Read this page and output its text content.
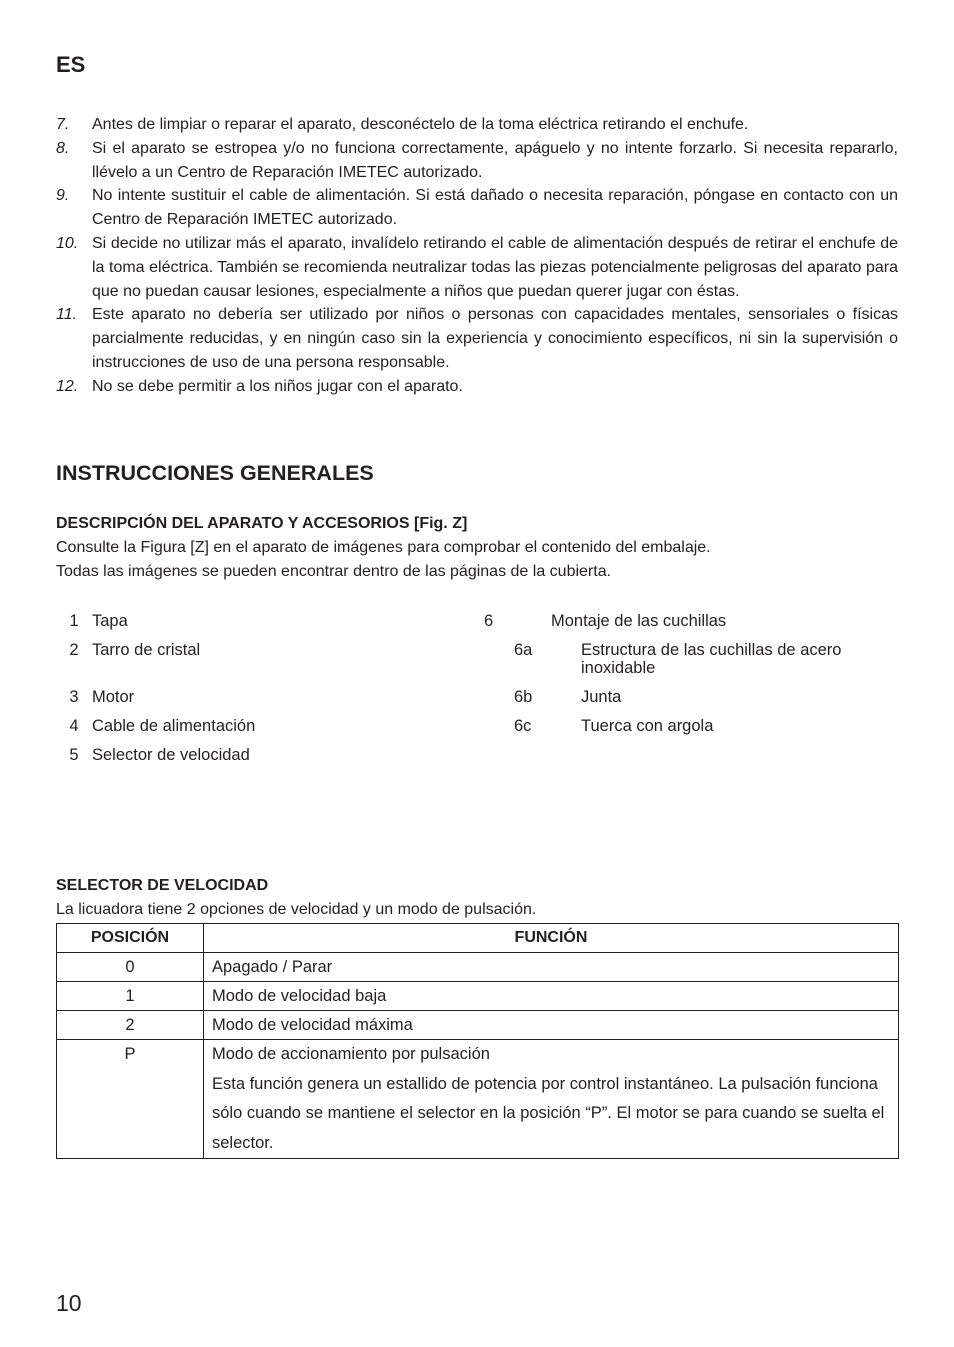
ES
7.	Antes de limpiar o reparar el aparato, desconéctelo de la toma eléctrica retirando el enchufe.
8.	Si el aparato se estropea y/o no funciona correctamente, apáguelo y no intente forzarlo. Si necesita repararlo, llévelo a un Centro de Reparación IMETEC autorizado.
9.	No intente sustituir el cable de alimentación. Si está dañado o necesita reparación, póngase en contacto con un Centro de Reparación IMETEC autorizado.
10. Si decide no utilizar más el aparato, invalídelo retirando el cable de alimentación después de retirar el enchufe de la toma eléctrica. También se recomienda neutralizar todas las piezas potencialmente peligrosas del aparato para que no puedan causar lesiones, especialmente a niños que puedan querer jugar con éstas.
11. Este aparato no debería ser utilizado por niños o personas con capacidades mentales, sensoriales o físicas parcialmente reducidas, y en ningún caso sin la experiencia y conocimiento específicos, ni sin la supervisión o instrucciones de uso de una persona responsable.
12. No se debe permitir a los niños jugar con el aparato.
INSTRUCCIONES GENERALES
DESCRIPCIÓN DEL APARATO Y ACCESORIOS [Fig. Z]
Consulte la Figura [Z] en el aparato de imágenes para comprobar el contenido del embalaje.
Todas las imágenes se pueden encontrar dentro de las páginas de la cubierta.
1 Tapa
2 Tarro de cristal
3 Motor
4 Cable de alimentación
5 Selector de velocidad
6	Montaje de las cuchillas
6a	Estructura de las cuchillas de acero inoxidable
6b	Junta
6c	Tuerca con argola
SELECTOR DE VELOCIDAD
La licuadora tiene 2 opciones de velocidad y un modo de pulsación.
POSICIÓN	FUNCIÓN
0	Apagado / Parar
1	Modo de velocidad baja
2	Modo de velocidad máxima
P	Modo de accionamiento por pulsación
Esta función genera un estallido de potencia por control instantáneo. La pulsación funciona sólo cuando se mantiene el selector en la posición “P”. El motor se para cuando se suelta el selector.
10
